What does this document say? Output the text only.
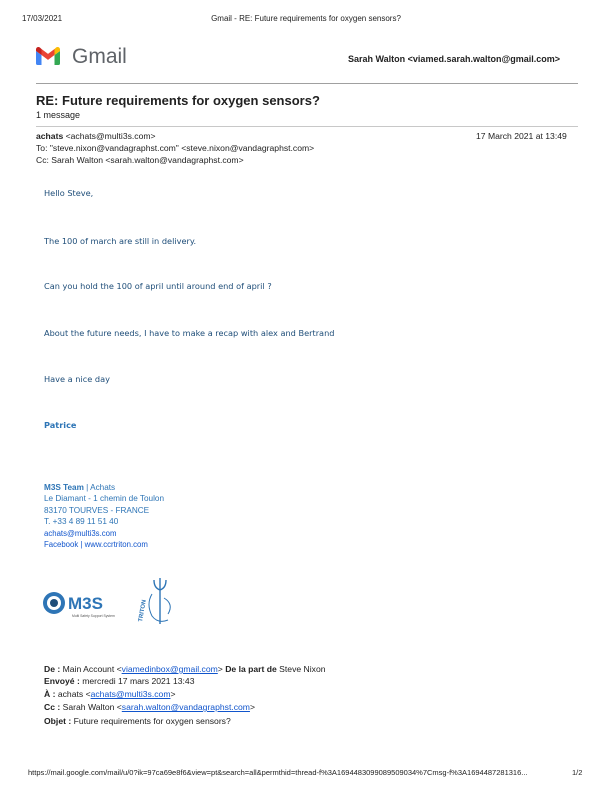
17/03/2021	Gmail - RE: Future requirements for oxygen sensors?
Gmail	Sarah Walton <viamed.sarah.walton@gmail.com>
RE: Future requirements for oxygen sensors?
1 message
achats <achats@multi3s.com>	17 March 2021 at 13:49
To: "steve.nixon@vandagraphst.com" <steve.nixon@vandagraphst.com>
Cc: Sarah Walton <sarah.walton@vandagraphst.com>
Hello Steve,
The 100 of march are still in delivery.
Can you hold the 100 of april until around end of april ?
About the future needs, I have to make a recap with alex and Bertrand
Have a nice day
Patrice
M3S Team | Achats
Le Diamant - 1 chemin de Toulon
83170 TOURVES - FRANCE
T. +33 4 89 11 51 40
achats@multi3s.com
Facebook | www.ccrtriton.com
M3S
Multi Safety Support System	TRITON
De : Main Account <viamedinbox@gmail.com> De la part de Steve Nixon
Envoyé : mercredi 17 mars 2021 13:43
À : achats <achats@multi3s.com>
Cc : Sarah Walton <sarah.walton@vandagraphst.com>
Objet : Future requirements for oxygen sensors?
https://mail.google.com/mail/u/0?ik=97ca69e8f6&view=pt&search=all&permthid=thread-f%3A1694483099089509034%7Cmsg-f%3A1694487281316...	1/2
